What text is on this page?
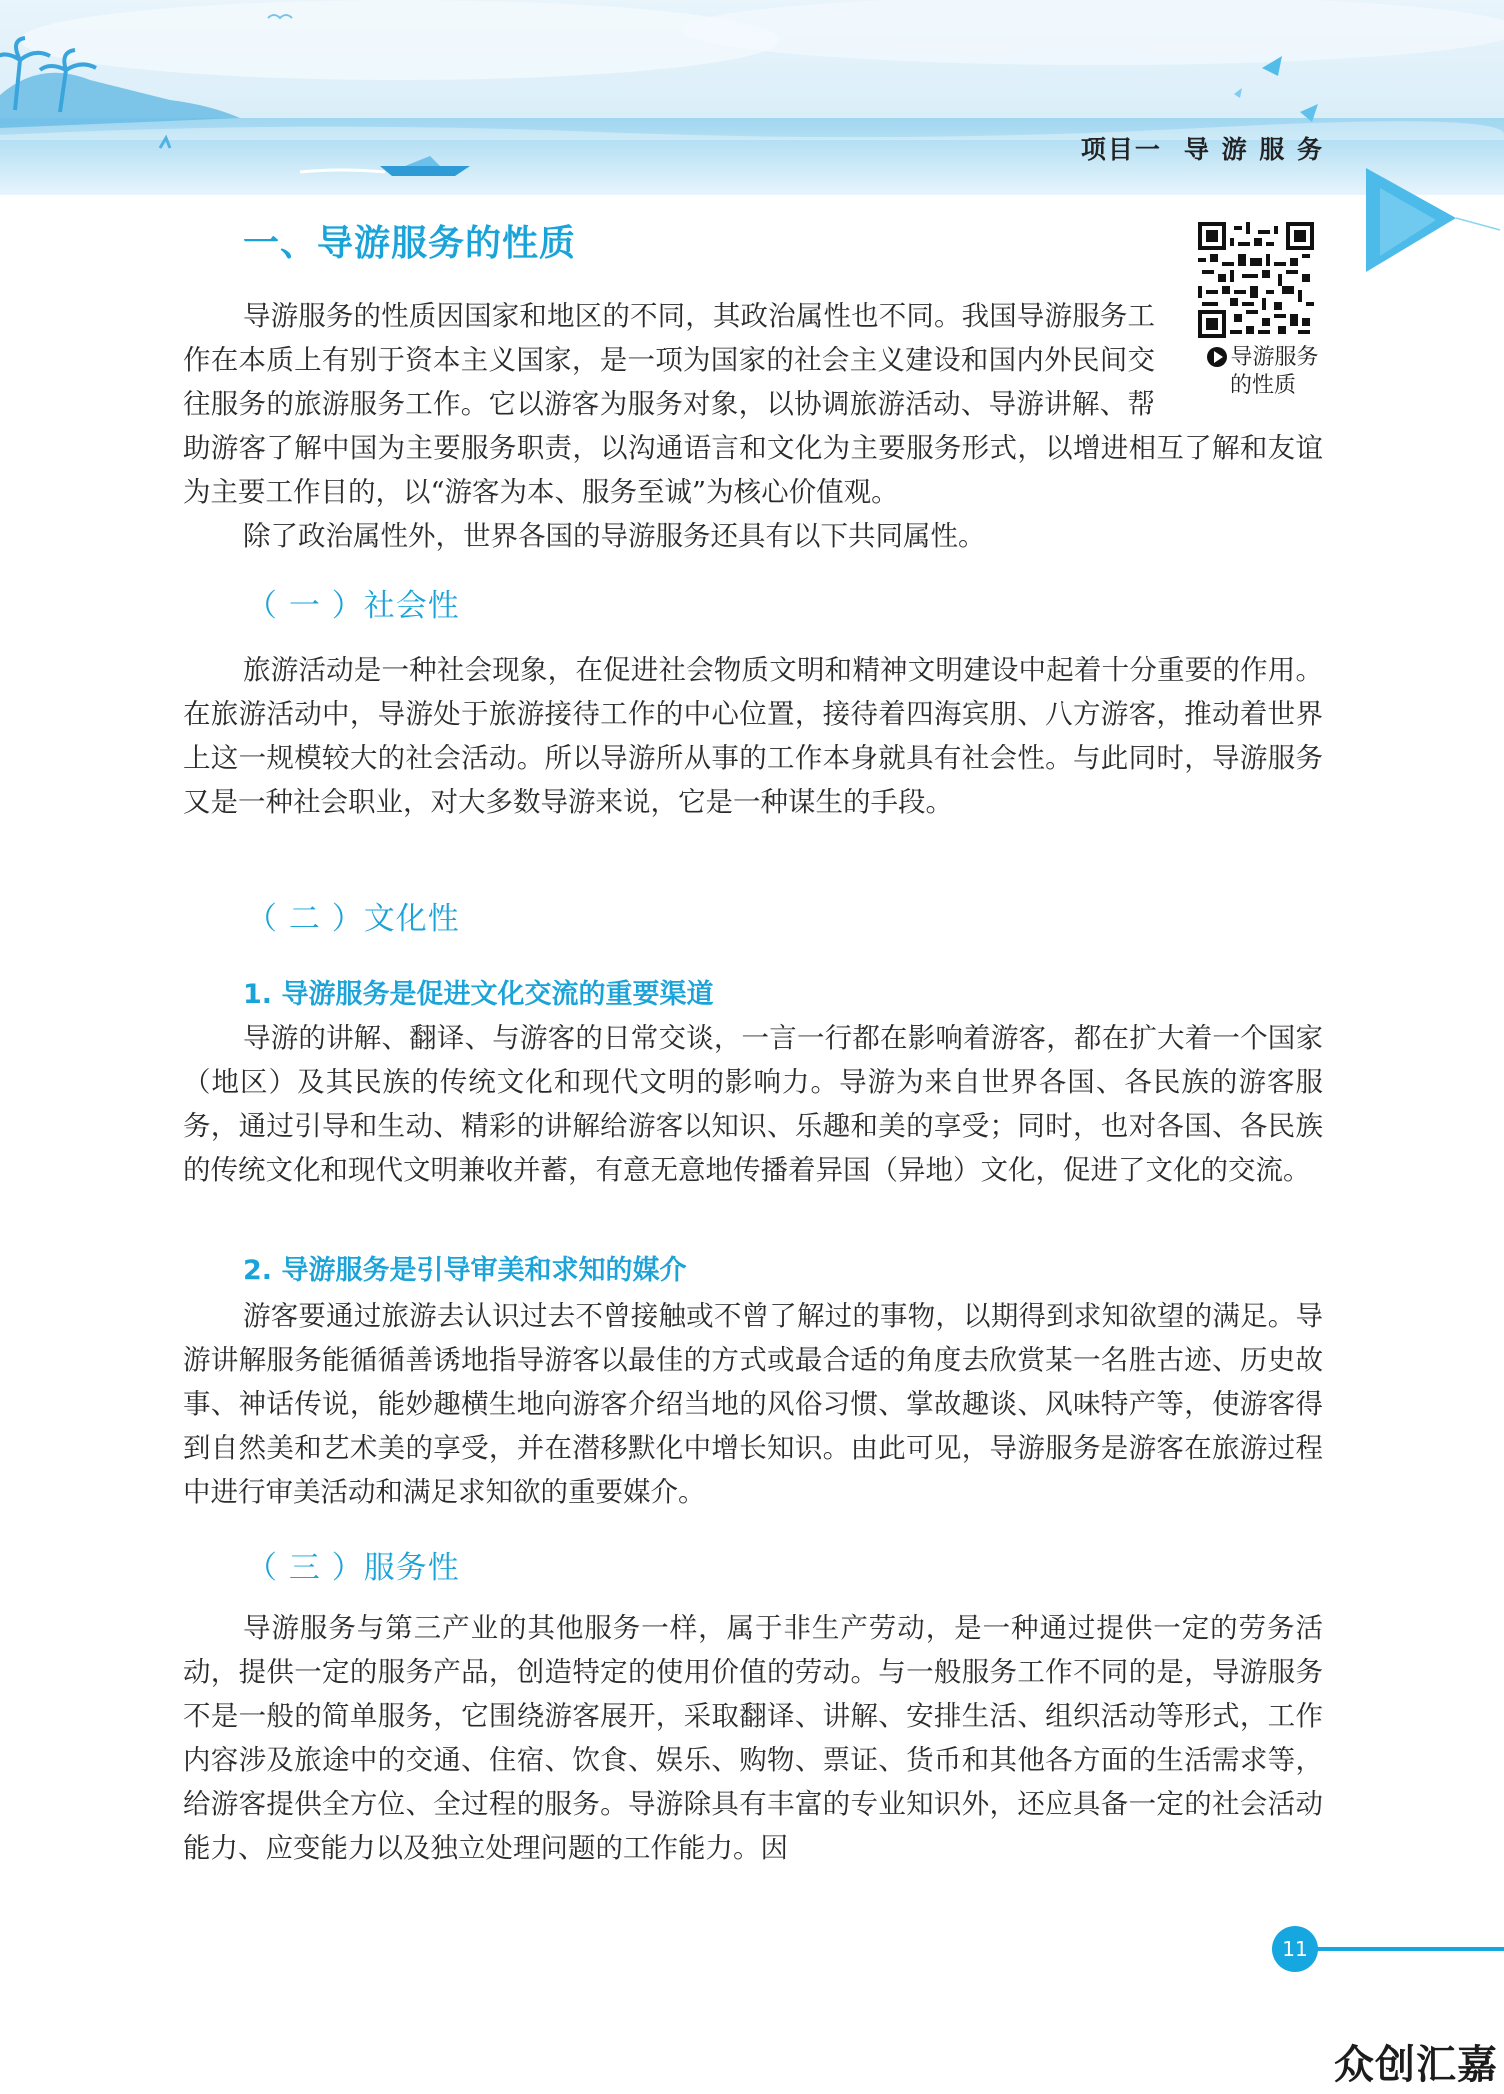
项目一 导 游 服 务
一、导游服务的性质
导游服务
的性质

导游服务的性质因国家和地区的不同，其政治属性也不同。我国导游服务工作在本质上有别于资本主义国家，是一项为国家的社会主义建设和国内外民间交往服务的旅游服务工作。它以游客为服务对象，以协调旅游活动、导游讲解、帮助游客了解中国为主要服务职责，以沟通语言和文化为主要服务形式，以增进相互了解和友谊为主要工作目的，以“游客为本、服务至诚”为核心价值观。

除了政治属性外，世界各国的导游服务还具有以下共同属性。

（ 一 ）社会性

旅游活动是一种社会现象，在促进社会物质文明和精神文明建设中起着十分重要的作用。在旅游活动中，导游处于旅游接待工作的中心位置，接待着四海宾朋、八方游客，推动着世界上这一规模较大的社会活动。所以导游所从事的工作本身就具有社会性。与此同时，导游服务又是一种社会职业，对大多数导游来说，它是一种谋生的手段。

（ 二 ）文化性
1. 导游服务是促进文化交流的重要渠道

导游的讲解、翻译、与游客的日常交谈，一言一行都在影响着游客，都在扩大着一个国家（地区）及其民族的传统文化和现代文明的影响力。导游为来自世界各国、各民族的游客服务，通过引导和生动、精彩的讲解给游客以知识、乐趣和美的享受；同时，也对各国、各民族的传统文化和现代文明兼收并蓄，有意无意地传播着异国（异地）文化，促进了文化的交流。

2. 导游服务是引导审美和求知的媒介

游客要通过旅游去认识过去不曾接触或不曾了解过的事物，以期得到求知欲望的满足。导游讲解服务能循循善诱地指导游客以最佳的方式或最合适的角度去欣赏某一名胜古迹、历史故事、神话传说，能妙趣横生地向游客介绍当地的风俗习惯、掌故趣谈、风味特产等，使游客得到自然美和艺术美的享受，并在潜移默化中增长知识。由此可见，导游服务是游客在旅游过程中进行审美活动和满足求知欲的重要媒介。

（ 三 ）服务性

导游服务与第三产业的其他服务一样，属于非生产劳动，是一种通过提供一定的劳务活动，提供一定的服务产品，创造特定的使用价值的劳动。与一般服务工作不同的是，导游服务不是一般的简单服务，它围绕游客展开，采取翻译、讲解、安排生活、组织活动等形式，工作内容涉及旅途中的交通、住宿、饮食、娱乐、购物、票证、货币和其他各方面的生活需求等，给游客提供全方位、全过程的服务。导游除具有丰富的专业知识外，还应具备一定的社会活动能力、应变能力以及独立处理问题的工作能力。因

11
众创汇嘉
